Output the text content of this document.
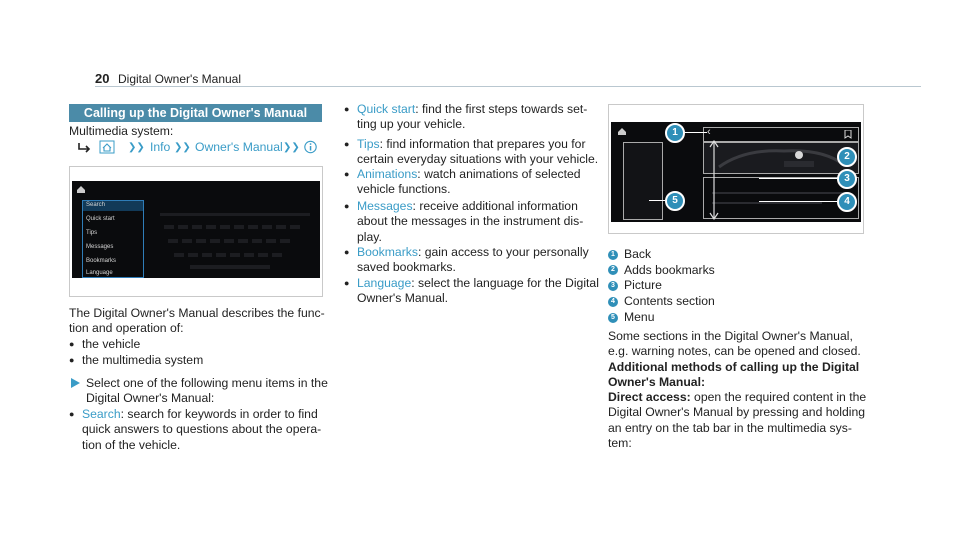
20 Digital Owner's Manual
Calling up the Digital Owner's Manual
Multimedia system:
❯❯ Info ❯❯ Owner's Manual ❯❯
Search
Quick start
Tips
Messages
Bookmarks
Language
The Digital Owner's Manual describes the func-
tion and operation of:
● the vehicle
● the multimedia system
Select one of the following menu items in the
Digital Owner's Manual:
● Search: search for keywords in order to find
quick answers to questions about the opera-
tion of the vehicle.
● Quick start: find the first steps towards set-
ting up your vehicle.
● Tips: find information that prepares you for
certain everyday situations with your vehicle.
● Animations: watch animations of selected
vehicle functions.
● Messages: receive additional information
about the messages in the instrument dis-
play.
● Bookmarks: gain access to your personally
saved bookmarks.
● Language: select the language for the Digital
Owner's Manual.
‹
1
2
3
4
5
1 Back
2 Adds bookmarks
3 Picture
4 Contents section
5 Menu
Some sections in the Digital Owner's Manual,
e.g. warning notes, can be opened and closed.
Additional methods of calling up the Digital
Owner's Manual:
Direct access: open the required content in the
Digital Owner's Manual by pressing and holding
an entry on the tab bar in the multimedia sys-
tem:
